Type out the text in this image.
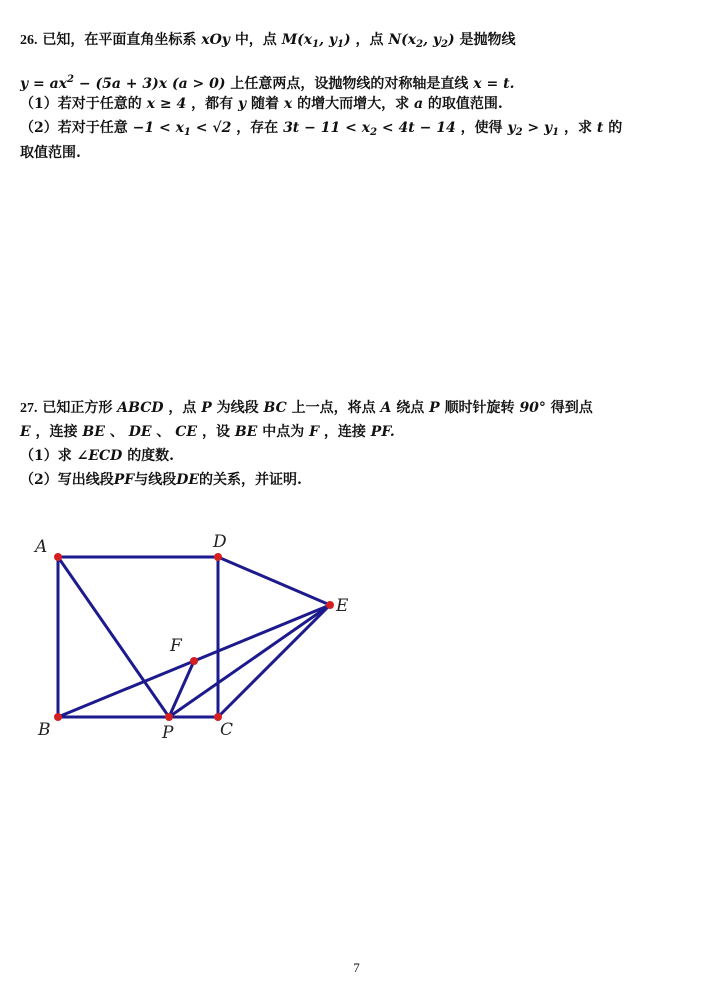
26. 已知，在平面直角坐标系 xOy 中，点 $M(x_1$, $y_1$) ，点 $N(x_2$, $y_2$) 是抛物线
$y = ax^2 - (5a + 3)x$ (a > 0) 上任意两点，设抛物线的对称轴是直线 x = t.
（1）若对于任意的 x ≥ 4 ，都有 y 随着 x 的增大而增大，求 a 的取值范围.
（2）若对于任意 $-1 < x_1 < √2$ ，存在 $3t - 11 < x_2 < 4t - 14$ ，使得 $y_2 > y_1$ ，求 t 的
取值范围.
27. 已知正方形 ABCD ，点 P 为线段 BC 上一点，将点 A 绕点 P 顺时针旋转 90° 得到点
E ，连接 BE 、 DE 、 CE ，设 BE 中点为 F ，连接 PF.
（1）求 ∠ECD 的度数.
（2）写出线段PF与线段DE的关系，并证明.
A	D
E
F
B	P	C
7
